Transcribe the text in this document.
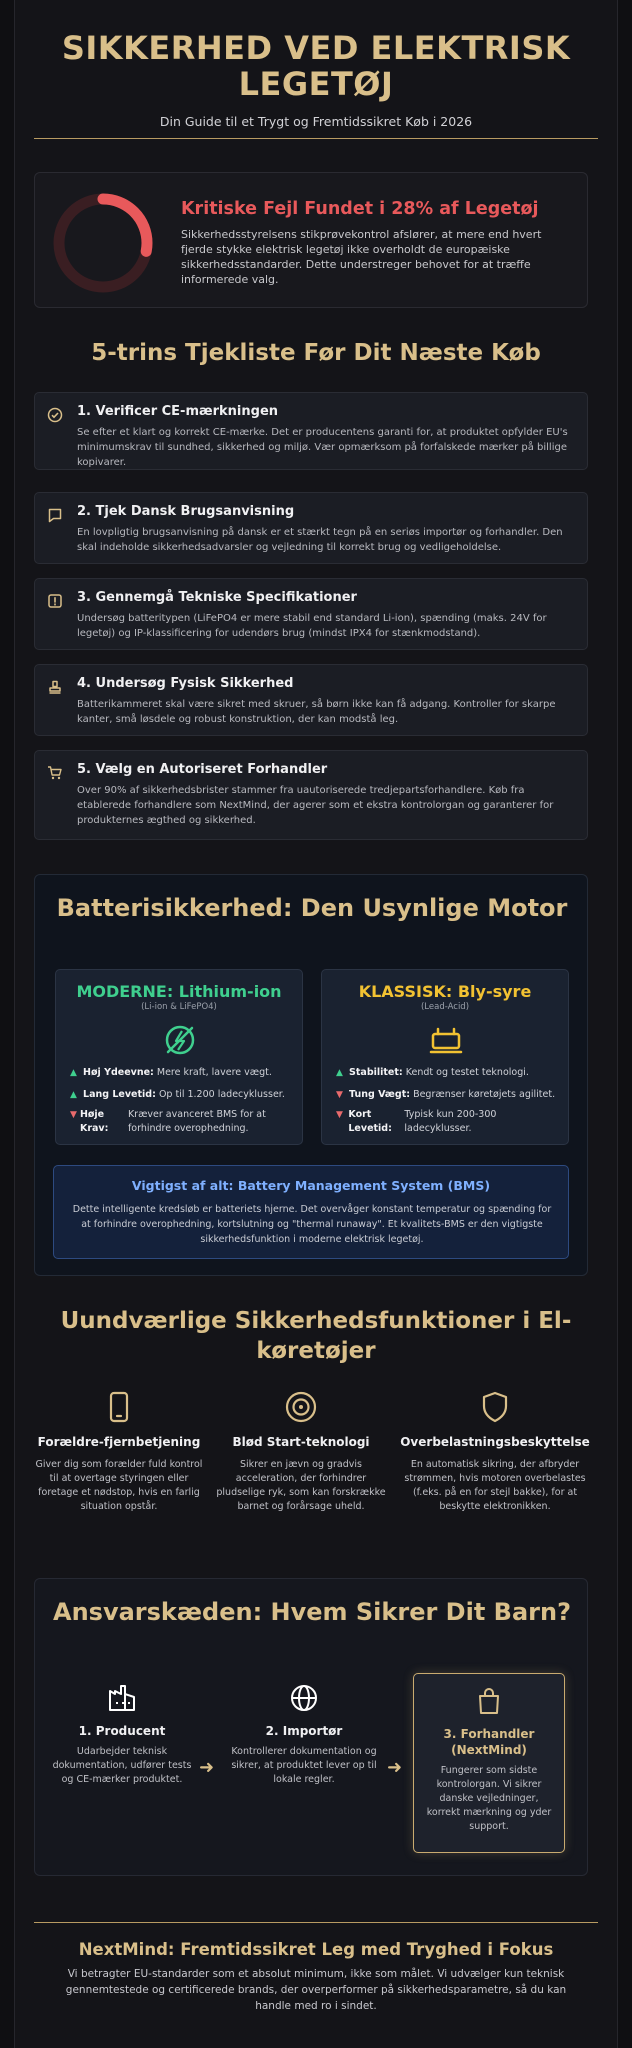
SIKKERHED VED ELEKTRISK LEGETØJ
Din Guide til et Trygt og Fremtidssikret Køb i 2026
Kritiske Fejl Fundet i 28% af Legetøj
Sikkerhedsstyrelsens stikprøvekontrol afslører, at mere end hvert fjerde stykke elektrisk legetøj ikke overholdt de europæiske sikkerhedsstandarder. Dette understreger behovet for at træffe informerede valg.
5-trins Tjekliste Før Dit Næste Køb
1. Verificer CE-mærkningen
Se efter et klart og korrekt CE-mærke. Det er producentens garanti for, at produktet opfylder EU's minimumskrav til sundhed, sikkerhed og miljø. Vær opmærksom på forfalskede mærker på billige kopivarer.
2. Tjek Dansk Brugsanvisning
En lovpligtig brugsanvisning på dansk er et stærkt tegn på en seriøs importør og forhandler. Den skal indeholde sikkerhedsadvarsler og vejledning til korrekt brug og vedligeholdelse.
3. Gennemgå Tekniske Specifikationer
Undersøg batteritypen (LiFePO4 er mere stabil end standard Li-ion), spænding (maks. 24V for legetøj) og IP-klassificering for udendørs brug (mindst IPX4 for stænkmodstand).
4. Undersøg Fysisk Sikkerhed
Batterikammeret skal være sikret med skruer, så børn ikke kan få adgang. Kontroller for skarpe kanter, små løsdele og robust konstruktion, der kan modstå leg.
5. Vælg en Autoriseret Forhandler
Over 90% af sikkerhedsbrister stammer fra uautoriserede tredjepartsforhandlere. Køb fra etablerede forhandlere som NextMind, der agerer som et ekstra kontrolorgan og garanterer for produkternes ægthed og sikkerhed.
Batterisikkerhed: Den Usynlige Motor
MODERNE: Lithium-ion
(Li-ion & LiFePO4)
▲ Høj Ydeevne: Mere kraft, lavere vægt.
▲ Lang Levetid: Op til 1.200 ladecyklusser.
▼
Høje Krav:
Kræver avanceret BMS for at forhindre overophedning.
KLASSISK: Bly-syre
(Lead-Acid)
▲ Stabilitet: Kendt og testet teknologi.
▼ Tung Vægt: Begrænser køretøjets agilitet.
▼
Kort Levetid:
Typisk kun 200-300 ladecyklusser.
Vigtigst af alt: Battery Management System (BMS)
Dette intelligente kredsløb er batteriets hjerne. Det overvåger konstant temperatur og spænding for at forhindre overophedning, kortslutning og "thermal runaway". Et kvalitets-BMS er den vigtigste sikkerhedsfunktion i moderne elektrisk legetøj.
Uundværlige Sikkerhedsfunktioner i El-køretøjer
Forældre-fjernbetjening
Giver dig som forælder fuld kontrol til at overtage styringen eller foretage et nødstop, hvis en farlig situation opstår.
Blød Start-teknologi
Sikrer en jævn og gradvis acceleration, der forhindrer pludselige ryk, som kan forskrække barnet og forårsage uheld.
Overbelastningsbeskyttelse
En automatisk sikring, der afbryder strømmen, hvis motoren overbelastes (f.eks. på en for stejl bakke), for at beskytte elektronikken.
Ansvarskæden: Hvem Sikrer Dit Barn?
1. Producent
Udarbejder teknisk dokumentation, udfører tests og CE-mærker produktet.
➜
2. Importør
Kontrollerer dokumentation og sikrer, at produktet lever op til lokale regler.
➜
3. Forhandler (NextMind)
Fungerer som sidste kontrolorgan. Vi sikrer danske vejledninger, korrekt mærkning og yder support.
NextMind: Fremtidssikret Leg med Tryghed i Fokus
Vi betragter EU-standarder som et absolut minimum, ikke som målet. Vi udvælger kun teknisk gennemtestede og certificerede brands, der overperformer på sikkerhedsparametre, så du kan handle med ro i sindet.
